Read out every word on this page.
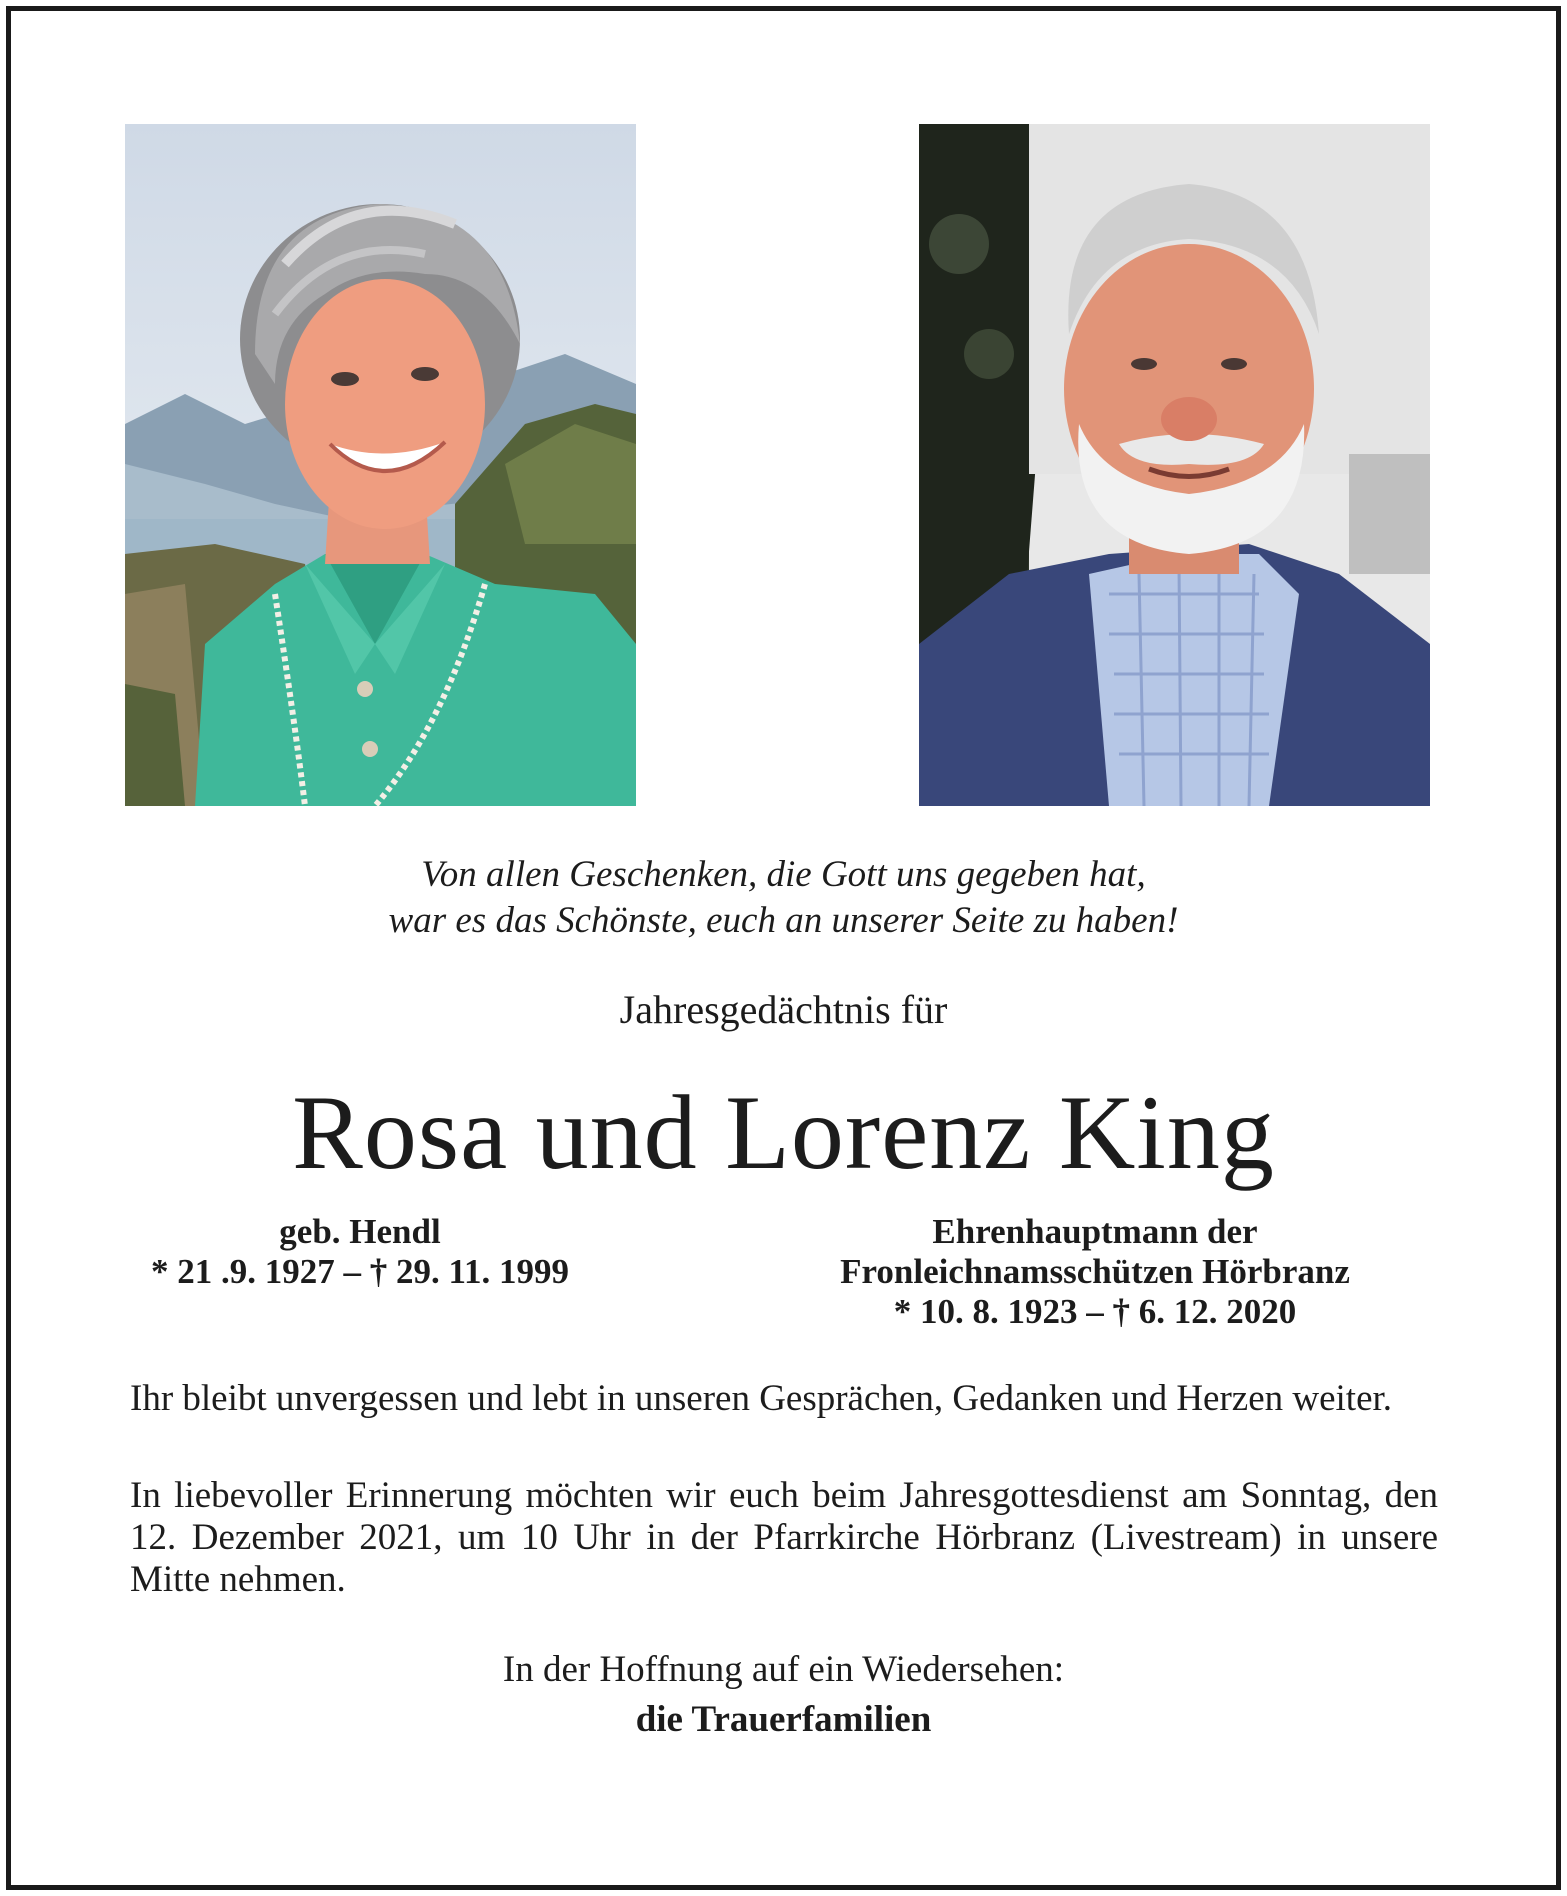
Von allen Geschenken, die Gott uns gegeben hat,
war es das Schönste, euch an unserer Seite zu haben!
Jahresgedächtnis für
Rosa und Lorenz King
geb. Hendl
* 21 .9. 1927 – † 29. 11. 1999
Ehrenhauptmann der
Fronleichnamsschützen Hörbranz
* 10. 8. 1923 – † 6. 12. 2020
Ihr bleibt unvergessen und lebt in unseren Gesprächen, Gedanken und Herzen weiter.
In liebevoller Erinnerung möchten wir euch beim Jahresgottesdienst am Sonntag, den 12. Dezember 2021, um 10 Uhr in der Pfarrkirche Hörbranz (Livestream) in unsere Mitte nehmen.
In der Hoffnung auf ein Wiedersehen:
die Trauerfamilien
